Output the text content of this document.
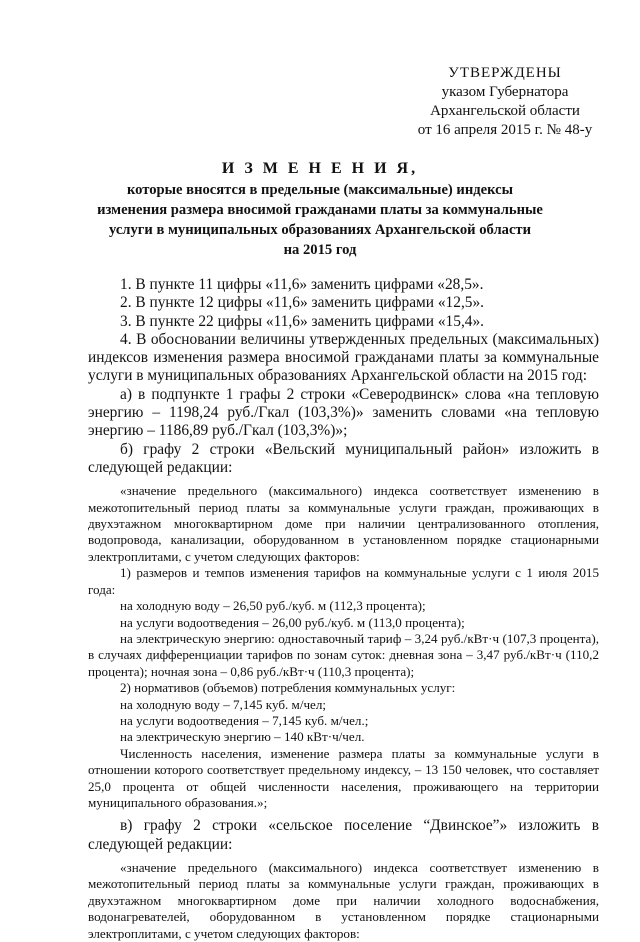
УТВЕРЖДЕНЫ
указом Губернатора
Архангельской области
от 16 апреля 2015 г. № 48-у
И З М Е Н Е Н И Я,
которые вносятся в предельные (максимальные) индексы
изменения размера вносимой гражданами платы за коммунальные
услуги в муниципальных образованиях Архангельской области
на 2015 год

1. В пункте 11 цифры «11,6» заменить цифрами «28,5».

2. В пункте 12 цифры «11,6» заменить цифрами «12,5».

3. В пункте 22 цифры «11,6» заменить цифрами «15,4».

4. В обосновании величины утвержденных предельных (максимальных) индексов изменения размера вносимой гражданами платы за коммунальные услуги в муниципальных образованиях Архангельской области на 2015 год:

а) в подпункте 1 графы 2 строки «Северодвинск» слова «на тепловую энергию – 1198,24 руб./Гкал (103,3%)» заменить словами «на тепловую энергию – 1186,89 руб./Гкал (103,3%)»;

б) графу 2 строки «Вельский муниципальный район» изложить в следующей редакции:

«значение предельного (максимального) индекса соответствует изменению в межотопительный период платы за коммунальные услуги граждан, проживающих в двухэтажном многоквартирном доме при наличии централизованного отопления, водопровода, канализации, оборудованном в установленном порядке стационарными электроплитами, с учетом следующих факторов:

1) размеров и темпов изменения тарифов на коммунальные услуги с 1 июля 2015 года:

на холодную воду – 26,50 руб./куб. м (112,3 процента);

на услуги водоотведения – 26,00 руб./куб. м (113,0 процента);

на электрическую энергию: одноставочный тариф – 3,24 руб./кВт·ч (107,3 процента), в случаях дифференциации тарифов по зонам суток: дневная зона – 3,47 руб./кВт·ч (110,2 процента); ночная зона – 0,86 руб./кВт·ч (110,3 процента);

2) нормативов (объемов) потребления коммунальных услуг:

на холодную воду – 7,145 куб. м/чел;

на услуги водоотведения – 7,145 куб. м/чел.;

на электрическую энергию – 140 кВт·ч/чел.

Численность населения, изменение размера платы за коммунальные услуги в отношении которого соответствует предельному индексу, – 13 150 человек, что составляет 25,0 процента от общей численности населения, проживающего на территории муниципального образования.»;

в) графу 2 строки «сельское поселение “Двинское”» изложить в следующей редакции:

«значение предельного (максимального) индекса соответствует изменению в межотопительный период платы за коммунальные услуги граждан, проживающих в двухэтажном многоквартирном доме при наличии холодного водоснабжения, водонагревателей, оборудованном в установленном порядке стационарными электроплитами, с учетом следующих факторов:
